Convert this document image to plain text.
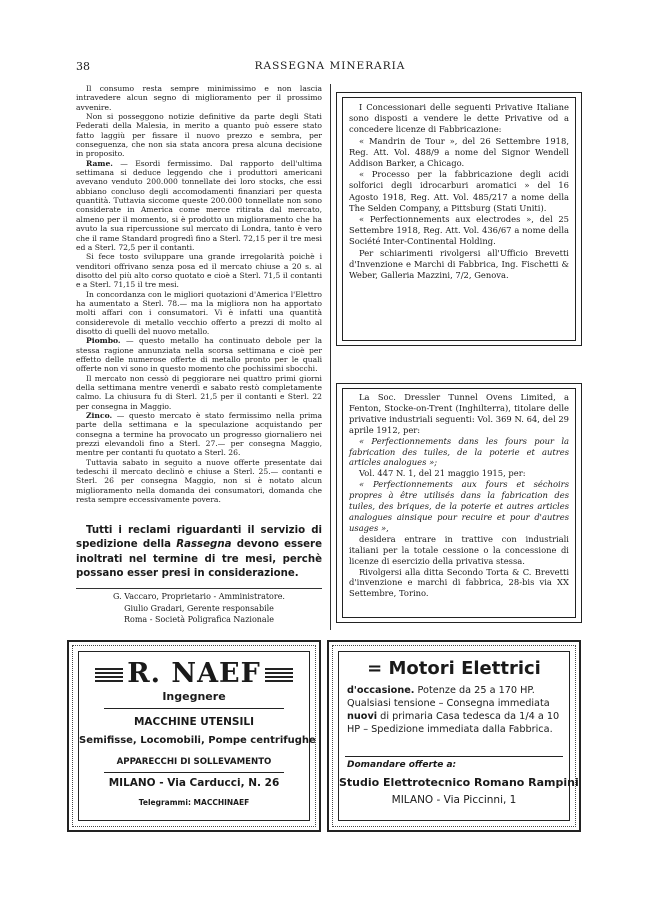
38	RASSEGNA MINERARIA

Il consumo resta sempre minimissimo e non lascia intravedere alcun segno di miglioramento per il prossimo avvenire.

Non si posseggono notizie definitive da parte degli Stati Federati della Malesia, in merito a quanto può essere stato fatto laggiù per fissare il nuovo prezzo e sembra, per conseguenza, che non sia stata ancora presa alcuna decisione in proposito.

Rame. — Esordi fermissimo. Dal rapporto dell'ultima settimana si deduce leggendo che i produttori americani avevano venduto 200.000 tonnellate dei loro stocks, che essi abbiano concluso degli accomodamenti finanziari per questa quantità. Tuttavia siccome queste 200.000 tonnellate non sono considerate in America come merce ritirata dal mercato, almeno per il momento, si è prodotto un miglioramento che ha avuto la sua ripercussione sul mercato di Londra, tanto è vero che il rame Standard progredì fino a Sterl. 72,15 per il tre mesi ed a Sterl. 72,5 per il contanti.

Si fece tosto sviluppare una grande irregolarità poichè i venditori offrivano senza posa ed il mercato chiuse a 20 s. al disotto del più alto corso quotato e cioè a Sterl. 71,5 il contanti e a Sterl. 71,15 il tre mesi.

In concordanza con le migliori quotazioni d'America l'Elettro ha aumentato a Sterl. 78.— ma la migliora non ha apportato molti affari con i consumatori. Vi è infatti una quantità considerevole di metallo vecchio offerto a prezzi di molto al disotto di quelli del nuovo metallo.

Piombo. — questo metallo ha continuato debole per la stessa ragione annunziata nella scorsa settimana e cioè per effetto delle numerose offerte di metallo pronto per le quali offerte non vi sono in questo momento che pochissimi sbocchi.

Il mercato non cessò di peggiorare nei quattro primi giorni della settimana mentre venerdì e sabato restò completamente calmo. La chiusura fu di Sterl. 21,5 per il contanti e Sterl. 22 per consegna in Maggio.

Zinco. — questo mercato è stato fermissimo nella prima parte della settimana e la speculazione acquistando per consegna a termine ha provocato un progresso giornaliero nei prezzi elevandoli fino a Sterl. 27.— per consegna Maggio, mentre per contanti fu quotato a Sterl. 26.

Tuttavia sabato in seguito a nuove offerte presentate dai tedeschi il mercato declinò e chiuse a Sterl. 25.— contanti e Sterl. 26 per consegna Maggio, non si è notato alcun miglioramento nella domanda dei consumatori, domanda che resta sempre eccessivamente povera.

Tutti i reclami riguardanti il servizio di spedizione della Rassegna devono essere inoltrati nel termine di tre mesi, perchè possano esser presi in considerazione.
G. Vaccaro, Proprietario - Amministratore.
Giulio Gradari, Gerente responsabile
Roma - Società Poligrafica Nazionale

I Concessionari delle seguenti Privative Italiane sono disposti a vendere le dette Privative od a concedere licenze di Fabbricazione:

« Mandrin de Tour », del 26 Settembre 1918, Reg. Att. Vol. 488/9 a nome del Signor Wendell Addison Barker, a Chicago.

« Processo per la fabbricazione degli acidi solforici degli idrocarburi aromatici » del 16 Agosto 1918, Reg. Att. Vol. 485/217 a nome della The Selden Company, a Pittsburg (Stati Uniti).

« Perfectionnements aux electrodes », del 25 Settembre 1918, Reg. Att. Vol. 436/67 a nome della Société Inter-Continental Holding.

Per schiarimenti rivolgersi all'Ufficio Brevetti d'Invenzione e Marchi di Fabbrica, Ing. Fischetti & Weber, Galleria Mazzini, 7/2, Genova.

La Soc. Dressler Tunnel Ovens Limited, a Fenton, Stocke-on-Trent (Inghilterra), titolare delle privative industriali seguenti: Vol. 369 N. 64, del 29 aprile 1912, per:

« Perfectionnements dans les fours pour la fabrication des tuiles, de la poterie et autres articles analogues »;

Vol. 447 N. 1, del 21 maggio 1915, per:

« Perfectionnements aux fours et séchoirs propres à être utilisés dans la fabrication des tuiles, des briques, de la poterie et autres articles analogues ainsique pour recuire et pour d'autres usages »,

desidera entrare in trattive con industriali italiani per la totale cessione o la concessione di licenze di esercizio della privativa stessa.

Rivolgersi alla ditta Secondo Torta & C. Brevetti d'invenzione e marchi di fabbrica, 28-bis via XX Settembre, Torino.

R. NAEF
Ingegnere
MACCHINE UTENSILI
Semifisse, Locomobili, Pompe centrifughe
APPARECCHI DI SOLLEVAMENTO
MILANO - Via Carducci, N. 26
Telegrammi: MACCHINAEF
= Motori Elettrici
d'occasione. Potenze da 25 a 170 HP. Qualsiasi tensione – Consegna immediata nuovi di primaria Casa tedesca da 1/4 a 10 HP – Spedizione immediata dalla Fabbrica.
Domandare offerte a:
Studio Elettrotecnico Romano Rampini
MILANO - Via Piccinni, 1
